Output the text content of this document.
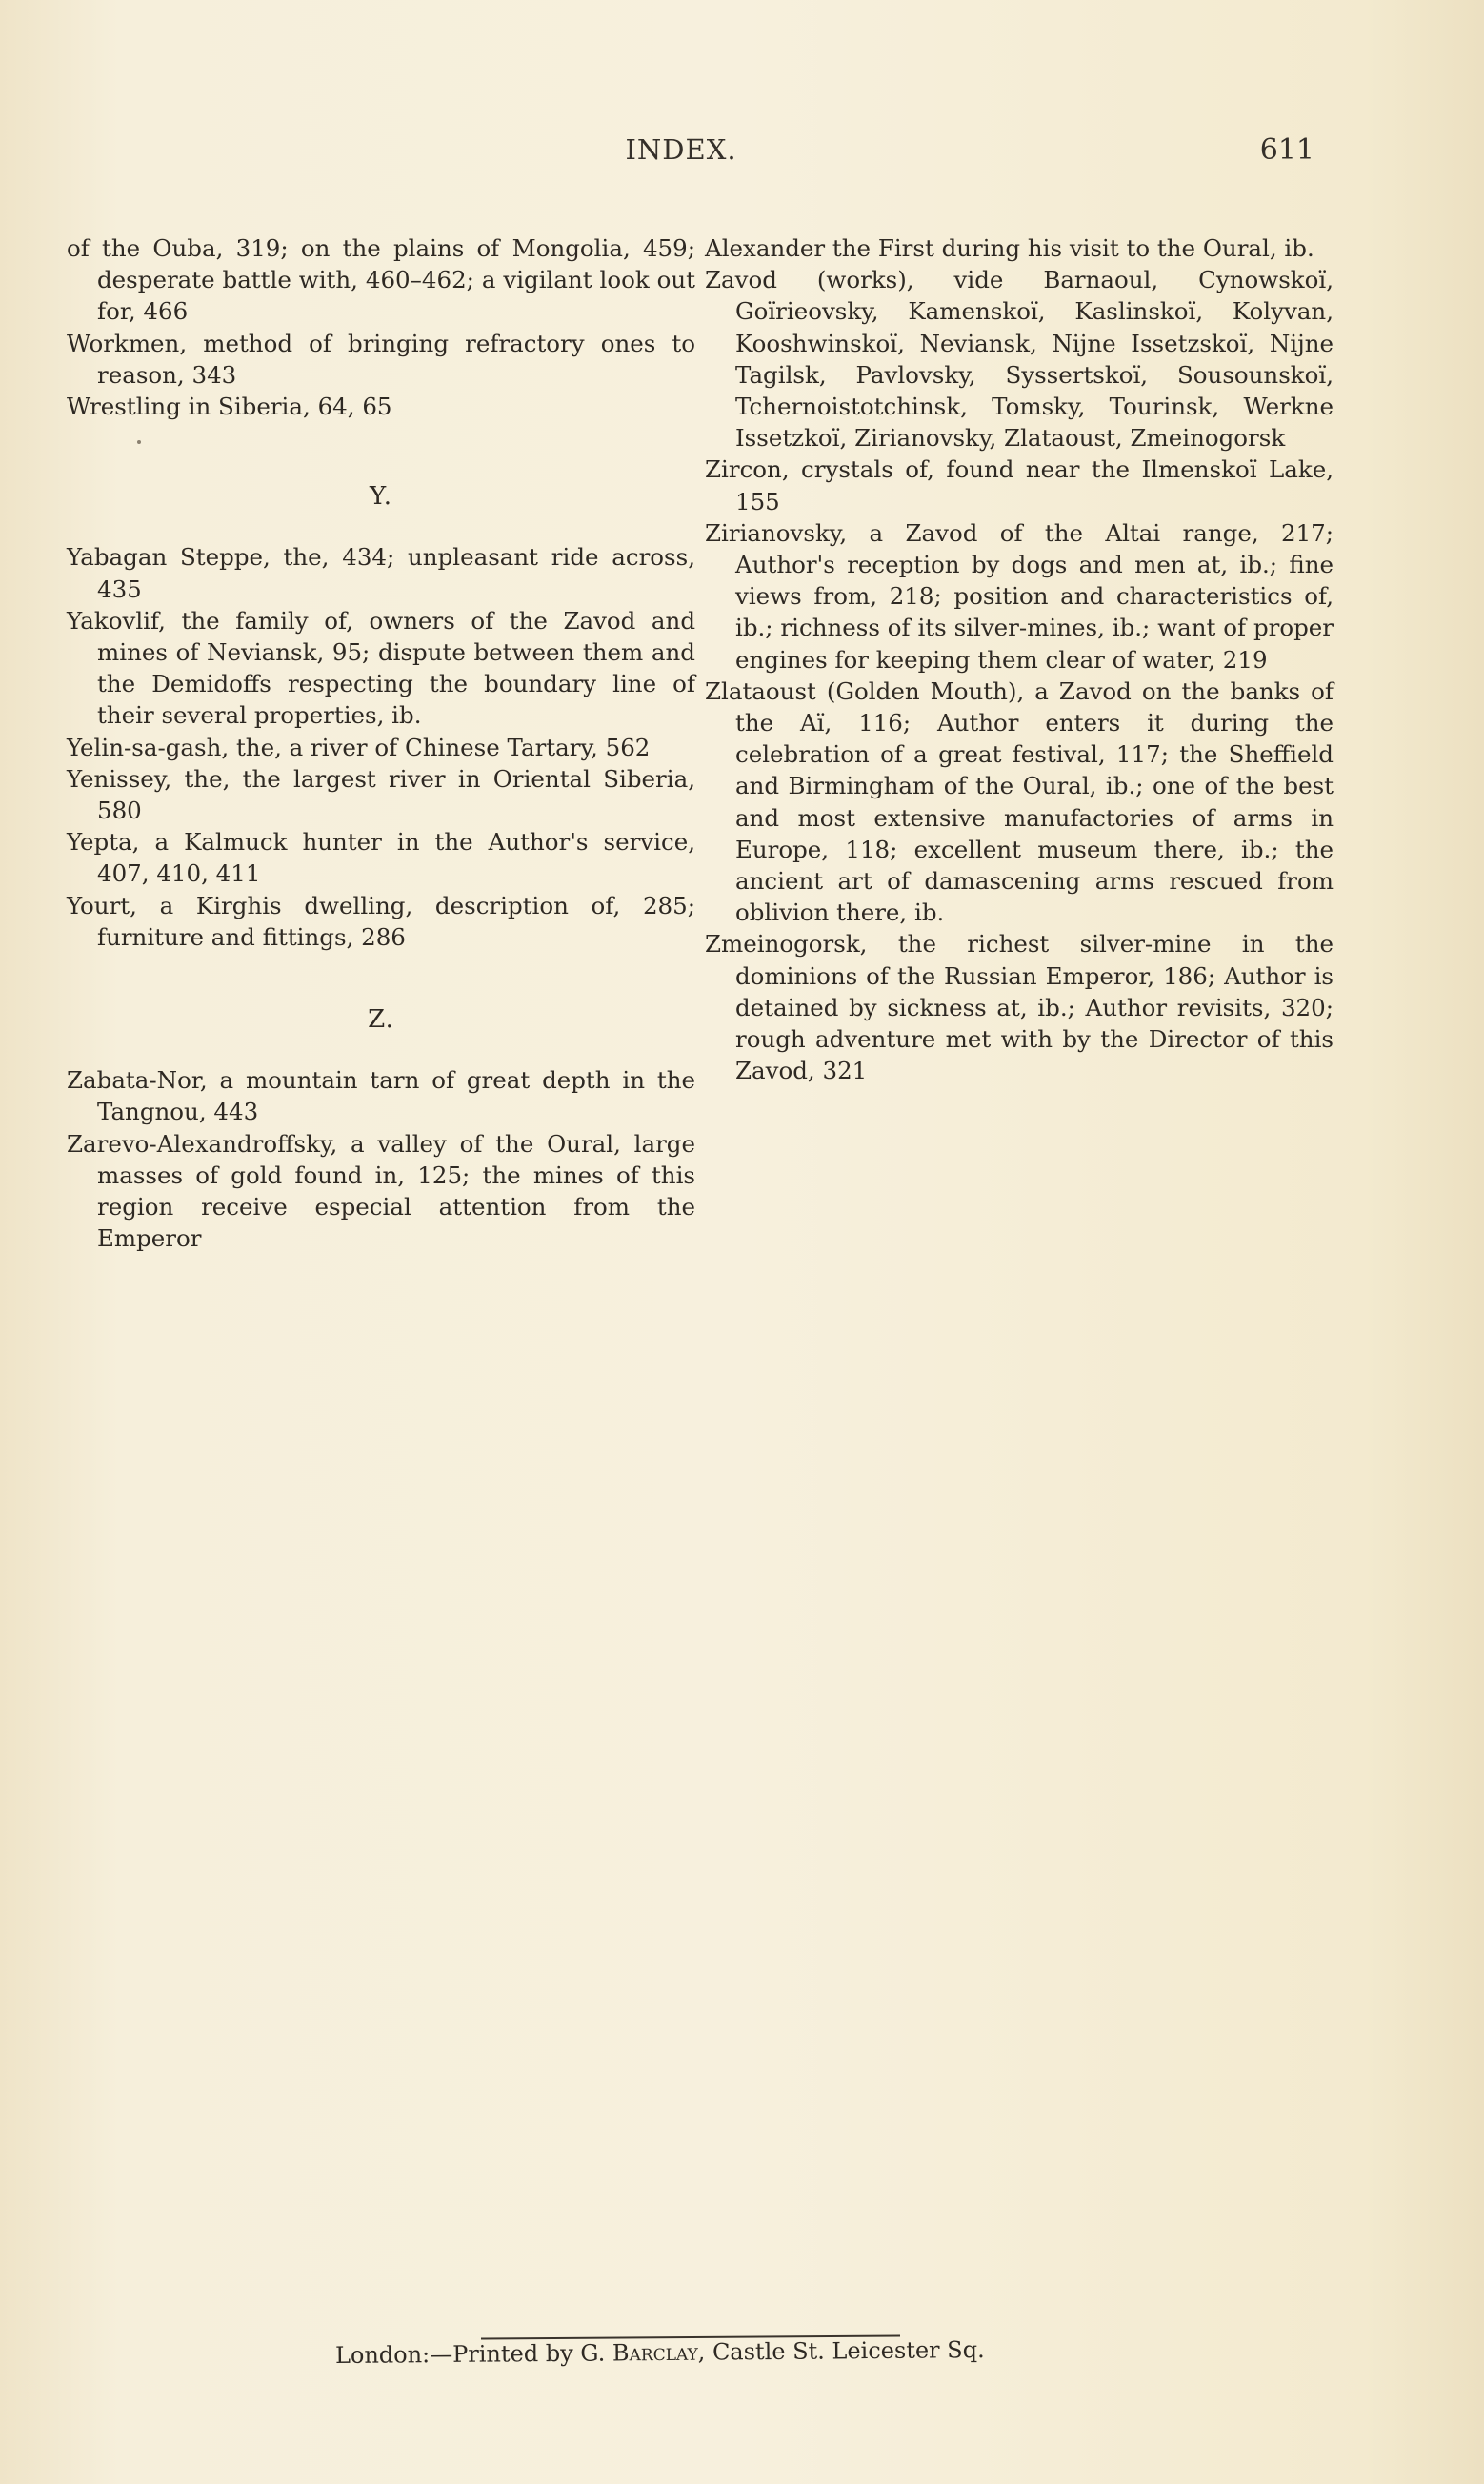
INDEX.	611

of the Ouba, 319; on the plains of Mongolia, 459; desperate battle with, 460–462; a vigilant look out for, 466

Workmen, method of bringing refractory ones to reason, 343

Wrestling in Siberia, 64, 65

Y.

Yabagan Steppe, the, 434; unpleasant ride across, 435

Yakovlif, the family of, owners of the Zavod and mines of Neviansk, 95; dispute between them and the Demidoffs respecting the boundary line of their several properties, ib.

Yelin-sa-gash, the, a river of Chinese Tartary, 562

Yenissey, the, the largest river in Oriental Siberia, 580

Yepta, a Kalmuck hunter in the Author's service, 407, 410, 411

Yourt, a Kirghis dwelling, description of, 285; furniture and fittings, 286

Z.

Zabata-Nor, a mountain tarn of great depth in the Tangnou, 443

Zarevo-Alexandroffsky, a valley of the Oural, large masses of gold found in, 125; the mines of this region receive especial attention from the Emperor

Alexander the First during his visit to the Oural, ib.

Zavod (works), vide Barnaoul, Cynowskoï, Goïrieovsky, Kamenskoï, Kaslinskoï, Kolyvan, Kooshwinskoï, Neviansk, Nijne Issetzskoï, Nijne Tagilsk, Pavlovsky, Syssertskoï, Sousounskoï, Tchernoistotchinsk, Tomsky, Tourinsk, Werkne Issetzkoï, Zirianovsky, Zlataoust, Zmeinogorsk

Zircon, crystals of, found near the Ilmenskoï Lake, 155

Zirianovsky, a Zavod of the Altai range, 217; Author's reception by dogs and men at, ib.; fine views from, 218; position and characteristics of, ib.; richness of its silver-mines, ib.; want of proper engines for keeping them clear of water, 219

Zlataoust (Golden Mouth), a Zavod on the banks of the Aï, 116; Author enters it during the celebration of a great festival, 117; the Sheffield and Birmingham of the Oural, ib.; one of the best and most extensive manufactories of arms in Europe, 118; excellent museum there, ib.; the ancient art of damascening arms rescued from oblivion there, ib.

Zmeinogorsk, the richest silver-mine in the dominions of the Russian Emperor, 186; Author is detained by sickness at, ib.; Author revisits, 320; rough adventure met with by the Director of this Zavod, 321

London:—Printed by G. Barclay, Castle St. Leicester Sq.
